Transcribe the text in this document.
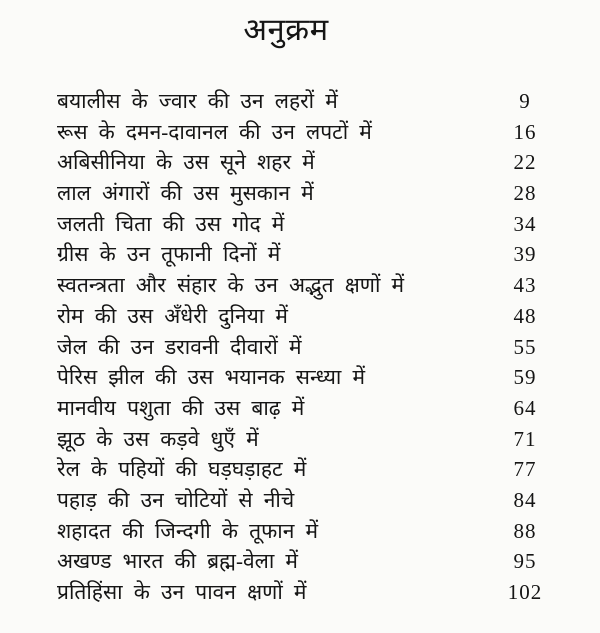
अनुक्रम
बयालीस के ज्वार की उन लहरों में	9
रूस के दमन-दावानल की उन लपटों में	16
अबिसीनिया के उस सूने शहर में	22
लाल अंगारों की उस मुसकान में	28
जलती चिता की उस गोद में	34
ग्रीस के उन तूफानी दिनों में	39
स्वतन्त्रता और संहार के उन अद्भुत क्षणों में	43
रोम की उस अँधेरी दुनिया में	48
जेल की उन डरावनी दीवारों में	55
पेरिस झील की उस भयानक सन्ध्या में	59
मानवीय पशुता की उस बाढ़ में	64
झूठ के उस कड़वे धुएँ में	71
रेल के पहियों की घड़घड़ाहट में	77
पहाड़ की उन चोटियों से नीचे	84
शहादत की जिन्दगी के तूफान में	88
अखण्ड भारत की ब्रह्म-वेला में	95
प्रतिहिंसा के उन पावन क्षणों में	102
